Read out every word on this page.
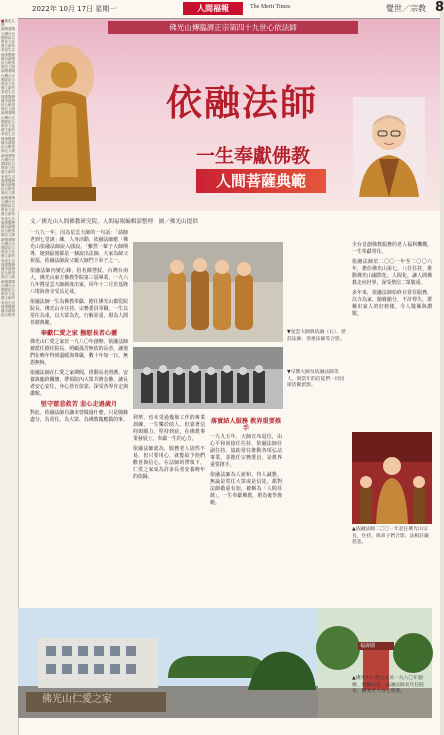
■佛光人間
新聞要聞
台灣台北
國際綜合
教育文化
藝文副刊
家庭生活
健康醫療
縣市新聞
綜合報導
佛光人間
新聞要聞
台灣台北
國際綜合
教育文化
藝文副刊
家庭生活
健康醫療
縣市新聞
綜合報導
佛光人間
新聞要聞
台灣台北
國際綜合
教育文化
藝文副刊
家庭生活
健康醫療
縣市新聞
綜合報導
佛光人間
新聞要聞
台灣台北
國際綜合
教育文化
藝文副刊
家庭生活
健康醫療
縣市新聞
綜合報導
佛光人間
新聞要聞
台灣台北
國際綜合
教育文化
藝文副刊
家庭生活
健康醫療
縣市新聞
綜合報導
佛光人間
新聞要聞
台灣台北
國際綜合
教育文化
藝文副刊
家庭生活
健康醫療
縣市新聞
綜合報導
佛光人間
新聞要聞
台灣台北
國際綜合
教育文化
藝文副刊
家庭生活
健康醫療
縣市新聞
綜合報導
2022年 10月 17日 星期一	人間福報	The Merit Times	覺世／宗教 8
佛光山傳臨濟正宗第四十九世心依法師
依融法師
一生奉獻佛教
人間菩薩典範
文／佛光山人間佛教研究院、人間福報編輯部整理　圖／佛光山提供

一九九一年，因為星雲大師的一句話：「請師老到七堂訓」練，人身活動，依融法師應「佛光山依融法師說入圓寂。「雖然一輩子大師開導，她到最後都是一個說出法師、大家為師父祝福。依融法師說父親大師門下弟子之一。

依融法師內號心緣，俗名陳慧紋，台灣台南人，佛光山東方佛教學院第三屆畢業，一九六九年禮星雲大師剃度出家，同年十二月於基隆八堵海會寺受具足戒。

依融法師一生為佛教奉獻，擔任佛光山都監院院長、佛光山寺住持、宗務委員等職，一生以常住為重，以大眾為先，行解並重，堪為人間菩薩典範。

奉獻仁愛之家 撫慰長者心靈

佛光山仁愛之家於一九八〇年創辦，依融法師被派任擔任院長，照顧孤苦無依的長者，讓他們在晚年得到溫暖與尊嚴，數十年如一日，無怨無悔。

依融法師在仁愛之家期間，推動長者照護、安養與臨終關懷，帶領院內大眾共修念佛，讓長者安心安住，身心皆有依靠，深受各界肯定與讚歎。

堅守慈悲救苦 悲心走過歲月

對此，依融法師自謙未曾做過什麼，只是隨緣盡分，為常住、為大眾、為佛教做應做的事。

▼星雲大師與依融（右）、慈莊法師、慈惠法師等合影。
▼早期大師及依融法師等人，與當年的信徒們一同出席活動留影。

利華，也未受過幾場工作的專業訓練，一生樂於助人，但靠著信仰與願力，堅持到底，在佛教事業發展上，奉獻一生的心力。

依融法師認為，服務老人固然不易，但只要用心，就能給予他們歡喜與信心。在法師的帶領下，仁愛之家成為許多長者安養晚年的依歸。

落實結人服務 教界重要推手

一九九五年，大師宣布退位，由心平和尚接任住持，依融法師任副住持，協助常住推動各項弘法事業，並擔任宗務委員，是教界重要推手。

依融法師為人慈和，待人誠懇，無論是常住大眾或是信徒，都對法師敬重有加，被稱為「人間菩薩」，一生奉獻佛教，堪為後學典範。

全台首創佛教服務的老人福利機構，一生奉獻常住。

依融法師於二〇〇一年至二〇〇六年，擔任佛光山第七、八任住持，推動佛光山國際化、人間化，讓人間佛教走向世界，深受僧信二眾敬重。

多年來，依融法師始終在常住服務，以寺為家，隨緣隨分，不計得失，堪稱出家人的好榜樣，令人敬佩與讚歎。

▲依融法師二〇〇一年起任佛光山宗長、住持，與弟子們合影，法相莊嚴慈悲。
佛光山仁愛之家
福壽園
▲佛光山仁愛之家於一九八〇年創辦，照顧長者，依融法師長年任院長，關愛老人身心照護。
